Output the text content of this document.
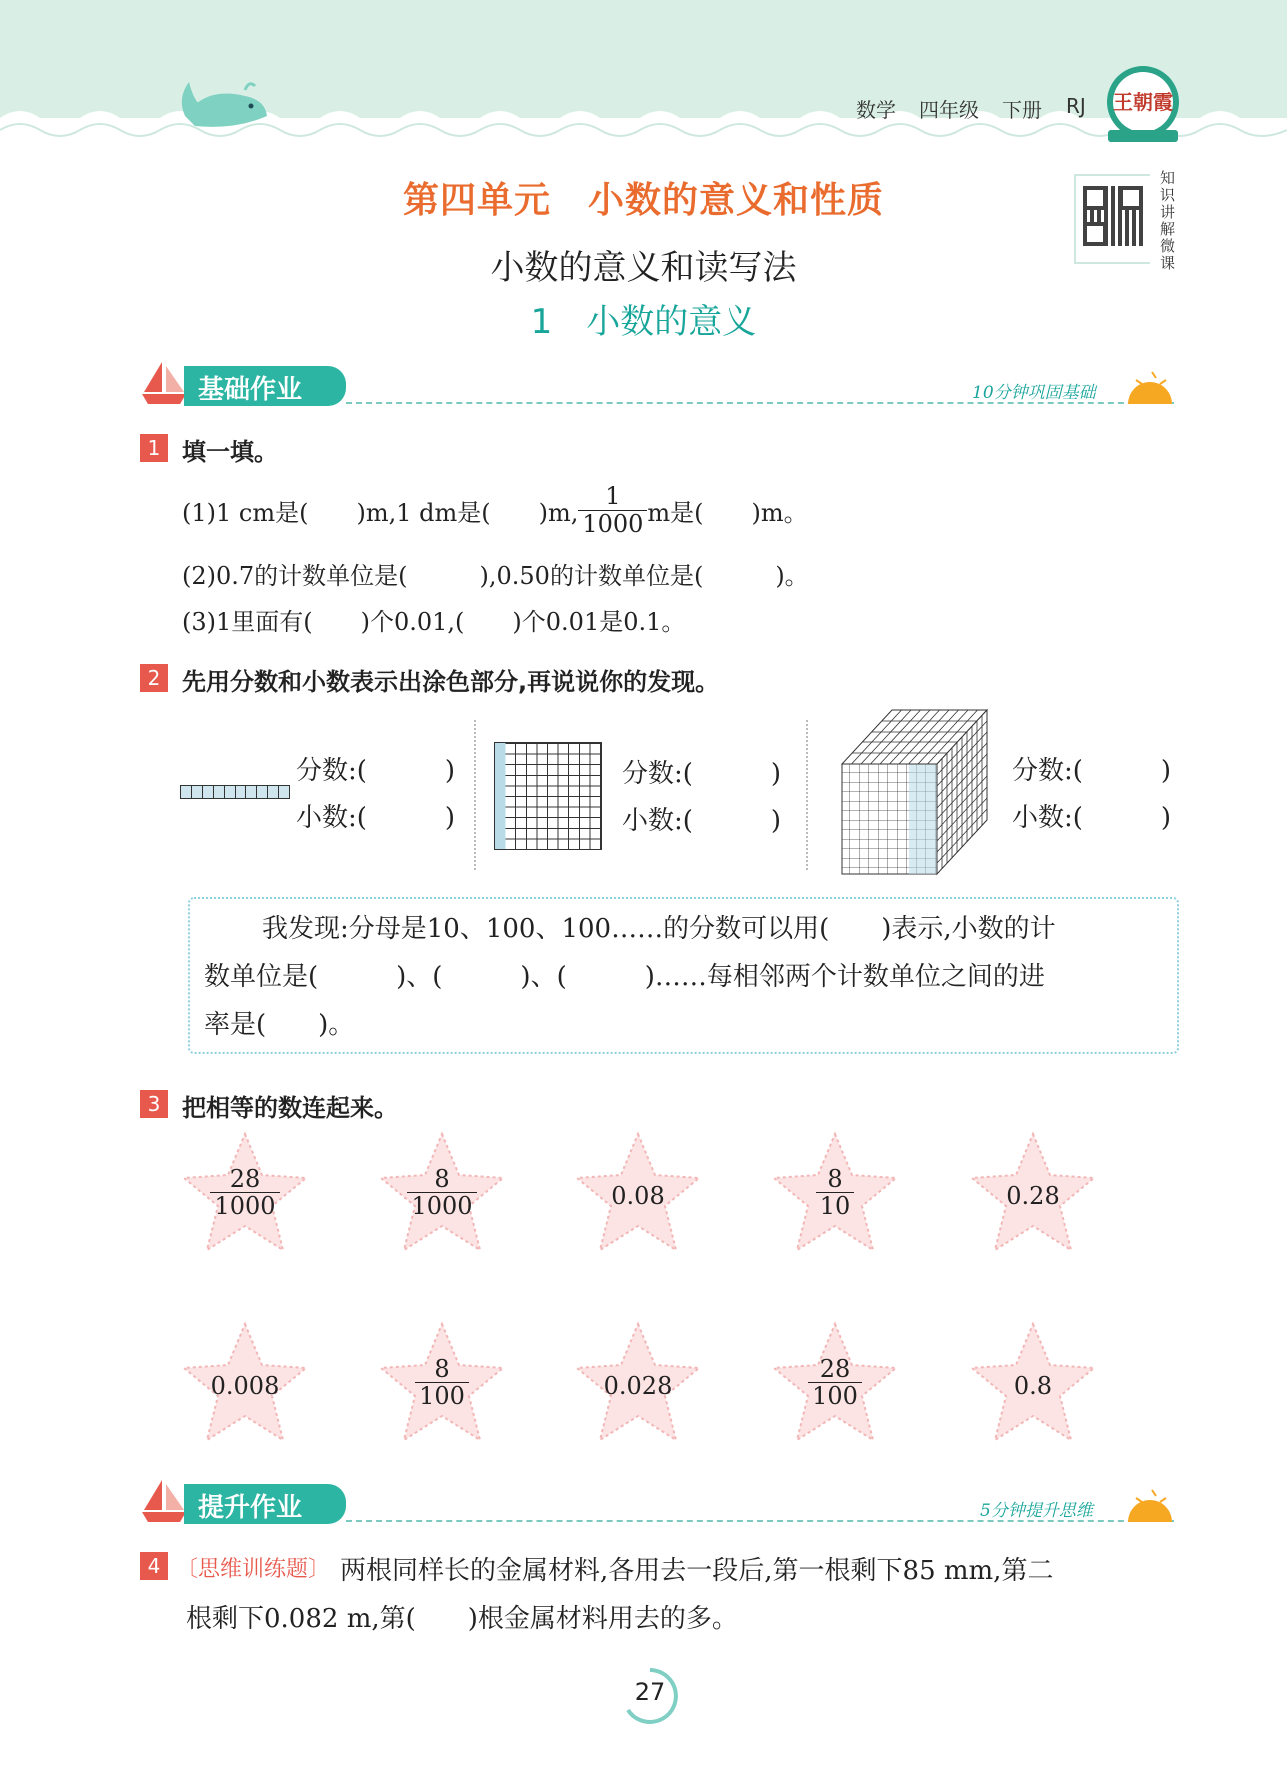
数学 四年级 下册 RJ 王朝霞
知识讲解微课
第四单元　小数的意义和性质
小数的意义和读写法
1　小数的意义
基础作业	10分钟巩固基础
1 填一填。
(1)1 cm是(　　)m,1 dm是(　　)m, $\frac{1}{1000}$ m是(　　)m。
(2)0.7的计数单位是(　　　),0.50的计数单位是(　　　)。
(3)1里面有(　　)个0.01,(　　)个0.01是0.1。
2 先用分数和小数表示出涂色部分,再说说你的发现。
分数:(　　　)
小数:(　　　)
分数:(　　　)
小数:(　　　)
分数:(　　　)
小数:(　　　)
我发现:分母是10、100、100……的分数可以用(　　)表示,小数的计
数单位是(　　　)、(　　　)、(　　　)……每相邻两个计数单位之间的进
率是(　　)。
3 把相等的数连起来。
$\frac{28}{1000}$	$\frac{8}{1000}$	0.08	$\frac{8}{10}$	0.28
0.008	$\frac{8}{100}$	0.028	$\frac{28}{100}$	0.8
提升作业	5分钟提升思维
4 〔思维训练题〕 两根同样长的金属材料,各用去一段后,第一根剩下85 mm,第二
根剩下0.082 m,第(　　)根金属材料用去的多。
27
